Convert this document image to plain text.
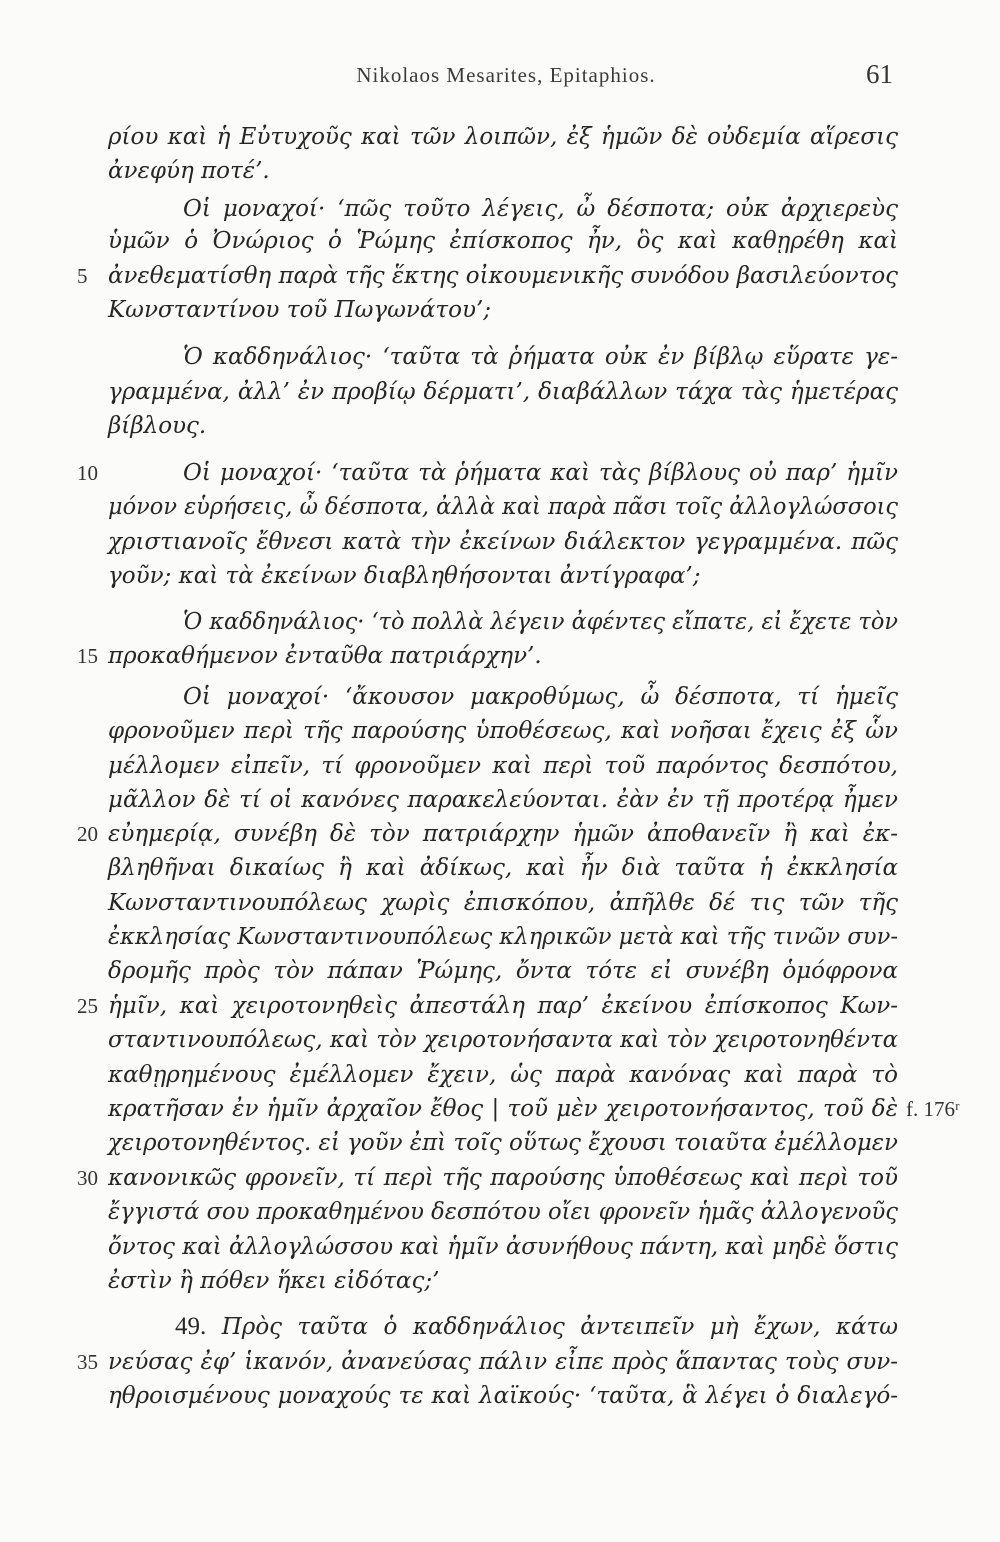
Nikolaos Mesarites, Epitaphios.	61
ρίου καὶ ἡ Εὐτυχοῦς καὶ τῶν λοιπῶν, ἐξ ἡμῶν δὲ οὐδεμία αἵρεσις
ἀνεφύη ποτέ’.
Οἱ μοναχοί· ‘πῶς τοῦτο λέγεις, ὦ δέσποτα; οὐκ ἀρχιερεὺς
ὑμῶν ὁ Ὀνώριος ὁ Ῥώμης ἐπίσκοπος ἦν, ὃς καὶ καθῃρέθη καὶ
5 ἀνεθεματίσθη παρὰ τῆς ἕκτης οἰκουμενικῆς συνόδου βασιλεύοντος
Κωνσταντίνου τοῦ Πωγωνάτου’;
Ὁ καδδηνάλιος· ‘ταῦτα τὰ ῥήματα οὐκ ἐν βίβλῳ εὕρατε γε-
γραμμένα, ἀλλ’ ἐν προβίῳ δέρματι’, διαβάλλων τάχα τὰς ἡμετέρας
βίβλους.
10	Οἱ μοναχοί· ‘ταῦτα τὰ ῥήματα καὶ τὰς βίβλους οὐ παρ’ ἡμῖν
μόνον εὑρήσεις, ὦ δέσποτα, ἀλλὰ καὶ παρὰ πᾶσι τοῖς ἀλλογλώσσοις
χριστιανοῖς ἔθνεσι κατὰ τὴν ἐκείνων διάλεκτον γεγραμμένα. πῶς
γοῦν; καὶ τὰ ἐκείνων διαβληθήσονται ἀντίγραφα’;
Ὁ καδδηνάλιος· ‘τὸ πολλὰ λέγειν ἀφέντες εἴπατε, εἰ ἔχετε τὸν
15 προκαθήμενον ἐνταῦθα πατριάρχην’.
Οἱ μοναχοί· ‘ἄκουσον μακροθύμως, ὦ δέσποτα, τί ἡμεῖς
φρονοῦμεν περὶ τῆς παρούσης ὑποθέσεως, καὶ νοῆσαι ἔχεις ἐξ ὧν
μέλλομεν εἰπεῖν, τί φρονοῦμεν καὶ περὶ τοῦ παρόντος δεσπότου,
μᾶλλον δὲ τί οἱ κανόνες παρακελεύονται. ἐὰν ἐν τῇ προτέρᾳ ἦμεν
20 εὐημερίᾳ, συνέβη δὲ τὸν πατριάρχην ἡμῶν ἀποθανεῖν ἢ καὶ ἐκ-
βληθῆναι δικαίως ἢ καὶ ἀδίκως, καὶ ἦν διὰ ταῦτα ἡ ἐκκλησία
Κωνσταντινουπόλεως χωρὶς ἐπισκόπου, ἀπῆλθε δέ τις τῶν τῆς
ἐκκλησίας Κωνσταντινουπόλεως κληρικῶν μετὰ καὶ τῆς τινῶν συν-
δρομῆς πρὸς τὸν πάπαν Ῥώμης, ὄντα τότε εἰ συνέβη ὁμόφρονα
25 ἡμῖν, καὶ χειροτονηθεὶς ἀπεστάλη παρ’ ἐκείνου ἐπίσκοπος Κων-
σταντινουπόλεως, καὶ τὸν χειροτονήσαντα καὶ τὸν χειροτονηθέντα
καθῃρημένους ἐμέλλομεν ἔχειν, ὡς παρὰ κανόνας καὶ παρὰ τὸ
κρατῆσαν ἐν ἡμῖν ἀρχαῖον ἔθος | τοῦ μὲν χειροτονήσαντος, τοῦ δὲ f. 176ʳ
χειροτονηθέντος. εἰ γοῦν ἐπὶ τοῖς οὕτως ἔχουσι τοιαῦτα ἐμέλλομεν
30 κανονικῶς φρονεῖν, τί περὶ τῆς παρούσης ὑποθέσεως καὶ περὶ τοῦ
ἔγγιστά σου προκαθημένου δεσπότου οἴει φρονεῖν ἡμᾶς ἀλλογενοῦς
ὄντος καὶ ἀλλογλώσσου καὶ ἡμῖν ἀσυνήθους πάντη, καὶ μηδὲ ὅστις
ἐστὶν ἢ πόθεν ἥκει εἰδότας;’
49. Πρὸς ταῦτα ὁ καδδηνάλιος ἀντειπεῖν μὴ ἔχων, κάτω
35 νεύσας ἐφ’ ἱκανόν, ἀνανεύσας πάλιν εἶπε πρὸς ἅπαντας τοὺς συν-
ηθροισμένους μοναχούς τε καὶ λαϊκούς· ‘ταῦτα, ἃ λέγει ὁ διαλεγό-
